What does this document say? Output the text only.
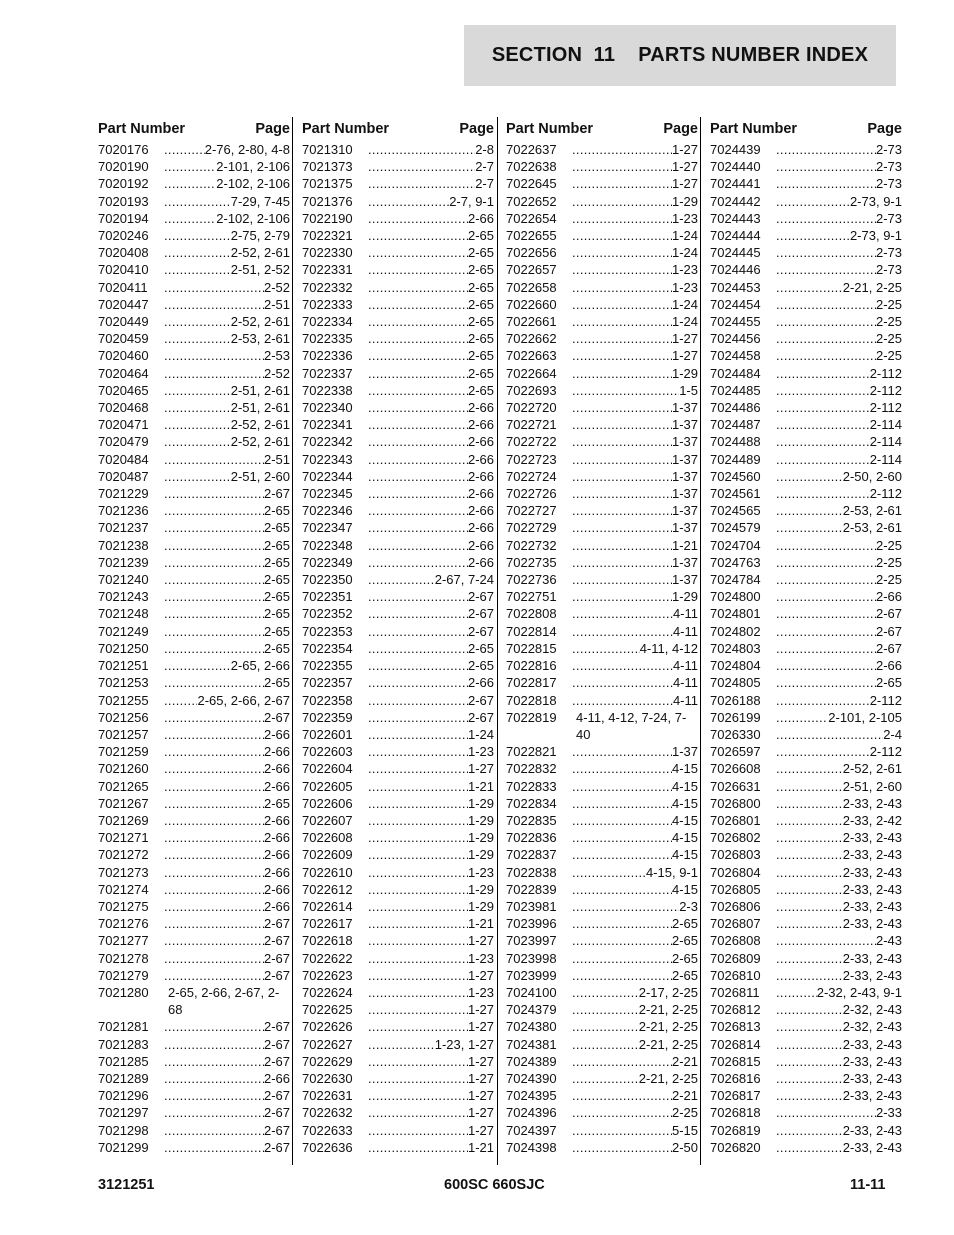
SECTION  11    PARTS NUMBER INDEX
Part Number	Page
7020176 .....	2-76, 2-80, 4-8
7020190 .....	2-101, 2-106
7020192 .....	2-102, 2-106
7020193 .....	7-29, 7-45
7020194 .....	2-102, 2-106
7020246 .....	2-75, 2-79
7020408 .....	2-52, 2-61
7020410 .....	2-51, 2-52
7020411 .....	2-52
7020447 .....	2-51
7020449 .....	2-52, 2-61
7020459 .....	2-53, 2-61
7020460 .....	2-53
7020464 .....	2-52
7020465 .....	2-51, 2-61
7020468 .....	2-51, 2-61
7020471 .....	2-52, 2-61
7020479 .....	2-52, 2-61
7020484 .....	2-51
7020487 .....	2-51, 2-60
7021229 .....	2-67
7021236 .....	2-65
7021237 .....	2-65
7021238 .....	2-65
7021239 .....	2-65
7021240 .....	2-65
7021243 .....	2-65
7021248 .....	2-65
7021249 .....	2-65
7021250 .....	2-65
7021251 .....	2-65, 2-66
7021253 .....	2-65
7021255 .....	2-65, 2-66, 2-67
7021256 .....	2-67
7021257 .....	2-66
7021259 .....	2-66
7021260 .....	2-66
7021265 .....	2-66
7021267 .....	2-65
7021269 .....	2-66
7021271 .....	2-66
7021272 .....	2-66
7021273 .....	2-66
7021274 .....	2-66
7021275 .....	2-66
7021276 .....	2-67
7021277 .....	2-67
7021278 .....	2-67
7021279 .....	2-67
7021280	2-65, 2-66, 2-67, 2-68
7021281 .....	2-67
7021283 .....	2-67
7021285 .....	2-67
7021289 .....	2-66
7021296 .....	2-67
7021297 .....	2-67
7021298 .....	2-67
7021299 .....	2-67
Part Number	Page
7021310 .....	2-8
7021373 .....	2-7
7021375 .....	2-7
7021376 .....	2-7, 9-1
7022190 .....	2-66
7022321 .....	2-65
7022330 .....	2-65
7022331 .....	2-65
7022332 .....	2-65
7022333 .....	2-65
7022334 .....	2-65
7022335 .....	2-65
7022336 .....	2-65
7022337 .....	2-65
7022338 .....	2-65
7022340 .....	2-66
7022341 .....	2-66
7022342 .....	2-66
7022343 .....	2-66
7022344 .....	2-66
7022345 .....	2-66
7022346 .....	2-66
7022347 .....	2-66
7022348 .....	2-66
7022349 .....	2-66
7022350 .....	2-67, 7-24
7022351 .....	2-67
7022352 .....	2-67
7022353 .....	2-67
7022354 .....	2-65
7022355 .....	2-65
7022357 .....	2-66
7022358 .....	2-67
7022359 .....	2-67
7022601 .....	1-24
7022603 .....	1-23
7022604 .....	1-27
7022605 .....	1-21
7022606 .....	1-29
7022607 .....	1-29
7022608 .....	1-29
7022609 .....	1-29
7022610 .....	1-23
7022612 .....	1-29
7022614 .....	1-29
7022617 .....	1-21
7022618 .....	1-27
7022622 .....	1-23
7022623 .....	1-27
7022624 .....	1-23
7022625 .....	1-27
7022626 .....	1-27
7022627 .....	1-23, 1-27
7022629 .....	1-27
7022630 .....	1-27
7022631 .....	1-27
7022632 .....	1-27
7022633 .....	1-27
7022636 .....	1-21
Part Number	Page
7022637 .....	1-27
7022638 .....	1-27
7022645 .....	1-27
7022652 .....	1-29
7022654 .....	1-23
7022655 .....	1-24
7022656 .....	1-24
7022657 .....	1-23
7022658 .....	1-23
7022660 .....	1-24
7022661 .....	1-24
7022662 .....	1-27
7022663 .....	1-27
7022664 .....	1-29
7022693 .....	1-5
7022720 .....	1-37
7022721 .....	1-37
7022722 .....	1-37
7022723 .....	1-37
7022724 .....	1-37
7022726 .....	1-37
7022727 .....	1-37
7022729 .....	1-37
7022732 .....	1-21
7022735 .....	1-37
7022736 .....	1-37
7022751 .....	1-29
7022808 .....	4-11
7022814 .....	4-11
7022815 .....	4-11, 4-12
7022816 .....	4-11
7022817 .....	4-11
7022818 .....	4-11
7022819	4-11, 4-12, 7-24, 7-40
7022821 .....	1-37
7022832 .....	4-15
7022833 .....	4-15
7022834 .....	4-15
7022835 .....	4-15
7022836 .....	4-15
7022837 .....	4-15
7022838 .....	4-15, 9-1
7022839 .....	4-15
7023981 .....	2-3
7023996 .....	2-65
7023997 .....	2-65
7023998 .....	2-65
7023999 .....	2-65
7024100 .....	2-17, 2-25
7024379 .....	2-21, 2-25
7024380 .....	2-21, 2-25
7024381 .....	2-21, 2-25
7024389 .....	2-21
7024390 .....	2-21, 2-25
7024395 .....	2-21
7024396 .....	2-25
7024397 .....	5-15
7024398 .....	2-50
Part Number	Page
7024439 .....	2-73
7024440 .....	2-73
7024441 .....	2-73
7024442 .....	2-73, 9-1
7024443 .....	2-73
7024444 .....	2-73, 9-1
7024445 .....	2-73
7024446 .....	2-73
7024453 .....	2-21, 2-25
7024454 .....	2-25
7024455 .....	2-25
7024456 .....	2-25
7024458 .....	2-25
7024484 .....	2-112
7024485 .....	2-112
7024486 .....	2-112
7024487 .....	2-114
7024488 .....	2-114
7024489 .....	2-114
7024560 .....	2-50, 2-60
7024561 .....	2-112
7024565 .....	2-53, 2-61
7024579 .....	2-53, 2-61
7024704 .....	2-25
7024763 .....	2-25
7024784 .....	2-25
7024800 .....	2-66
7024801 .....	2-67
7024802 .....	2-67
7024803 .....	2-67
7024804 .....	2-66
7024805 .....	2-65
7026188 .....	2-112
7026199 .....	2-101, 2-105
7026330 .....	2-4
7026597 .....	2-112
7026608 .....	2-52, 2-61
7026631 .....	2-51, 2-60
7026800 .....	2-33, 2-43
7026801 .....	2-33, 2-42
7026802 .....	2-33, 2-43
7026803 .....	2-33, 2-43
7026804 .....	2-33, 2-43
7026805 .....	2-33, 2-43
7026806 .....	2-33, 2-43
7026807 .....	2-33, 2-43
7026808 .....	2-43
7026809 .....	2-33, 2-43
7026810 .....	2-33, 2-43
7026811 .....	2-32, 2-43, 9-1
7026812 .....	2-32, 2-43
7026813 .....	2-32, 2-43
7026814 .....	2-33, 2-43
7026815 .....	2-33, 2-43
7026816 .....	2-33, 2-43
7026817 .....	2-33, 2-43
7026818 .....	2-33
7026819 .....	2-33, 2-43
7026820 .....	2-33, 2-43
3121251	600SC 660SJC	11-11
